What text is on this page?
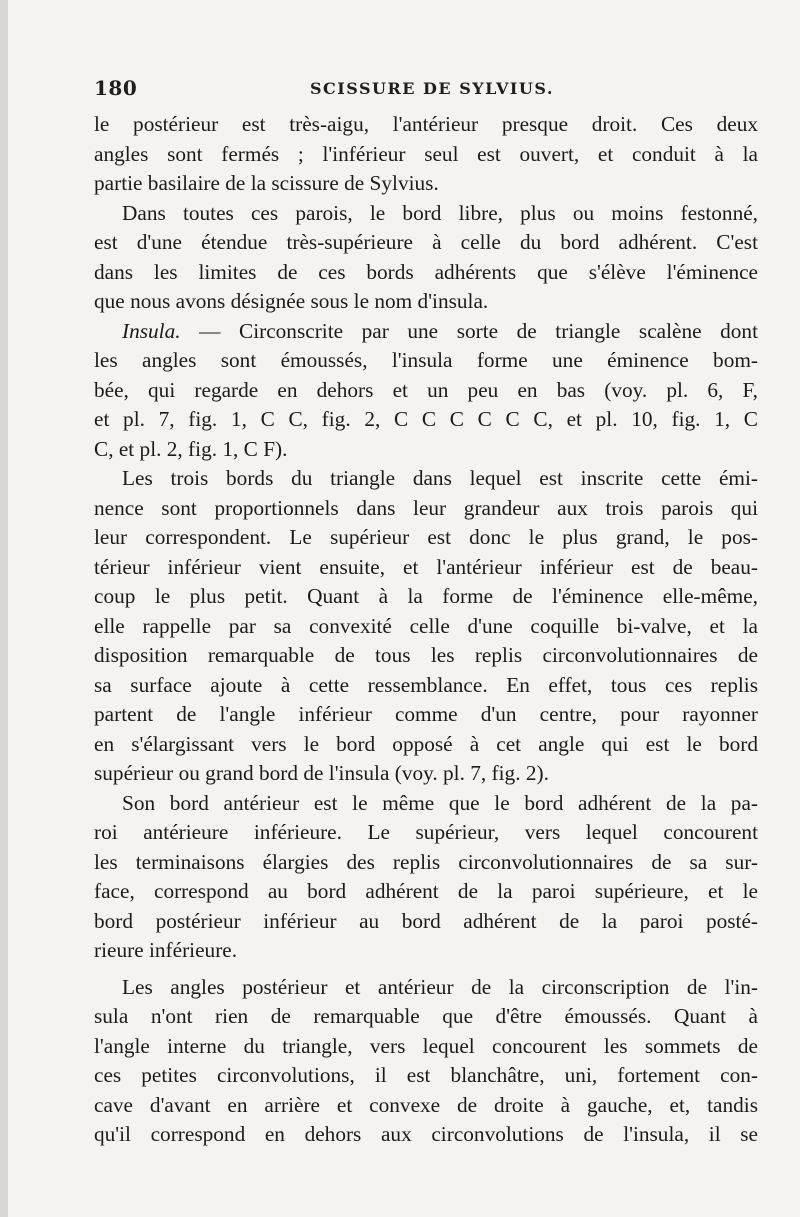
180	SCISSURE DE SYLVIUS.
le postérieur est très-aigu, l'antérieur presque droit. Ces deux
angles sont fermés ; l'inférieur seul est ouvert, et conduit à la
partie basilaire de la scissure de Sylvius.
Dans toutes ces parois, le bord libre, plus ou moins festonné,
est d'une étendue très-supérieure à celle du bord adhérent. C'est
dans les limites de ces bords adhérents que s'élève l'éminence
que nous avons désignée sous le nom d'insula.
Insula. — Circonscrite par une sorte de triangle scalène dont
les angles sont émoussés, l'insula forme une éminence bom-
bée, qui regarde en dehors et un peu en bas (voy. pl. 6, F,
et pl. 7, fig. 1, C C, fig. 2, C C C C C C, et pl. 10, fig. 1, C
C, et pl. 2, fig. 1, C F).
Les trois bords du triangle dans lequel est inscrite cette émi-
nence sont proportionnels dans leur grandeur aux trois parois qui
leur correspondent. Le supérieur est donc le plus grand, le pos-
térieur inférieur vient ensuite, et l'antérieur inférieur est de beau-
coup le plus petit. Quant à la forme de l'éminence elle-même,
elle rappelle par sa convexité celle d'une coquille bi-valve, et la
disposition remarquable de tous les replis circonvolutionnaires de
sa surface ajoute à cette ressemblance. En effet, tous ces replis
partent de l'angle inférieur comme d'un centre, pour rayonner
en s'élargissant vers le bord opposé à cet angle qui est le bord
supérieur ou grand bord de l'insula (voy. pl. 7, fig. 2).
Son bord antérieur est le même que le bord adhérent de la pa-
roi antérieure inférieure. Le supérieur, vers lequel concourent
les terminaisons élargies des replis circonvolutionnaires de sa sur-
face, correspond au bord adhérent de la paroi supérieure, et le
bord postérieur inférieur au bord adhérent de la paroi posté-
rieure inférieure.
Les angles postérieur et antérieur de la circonscription de l'in-
sula n'ont rien de remarquable que d'être émoussés. Quant à
l'angle interne du triangle, vers lequel concourent les sommets de
ces petites circonvolutions, il est blanchâtre, uni, fortement con-
cave d'avant en arrière et convexe de droite à gauche, et, tandis
qu'il correspond en dehors aux circonvolutions de l'insula, il se
